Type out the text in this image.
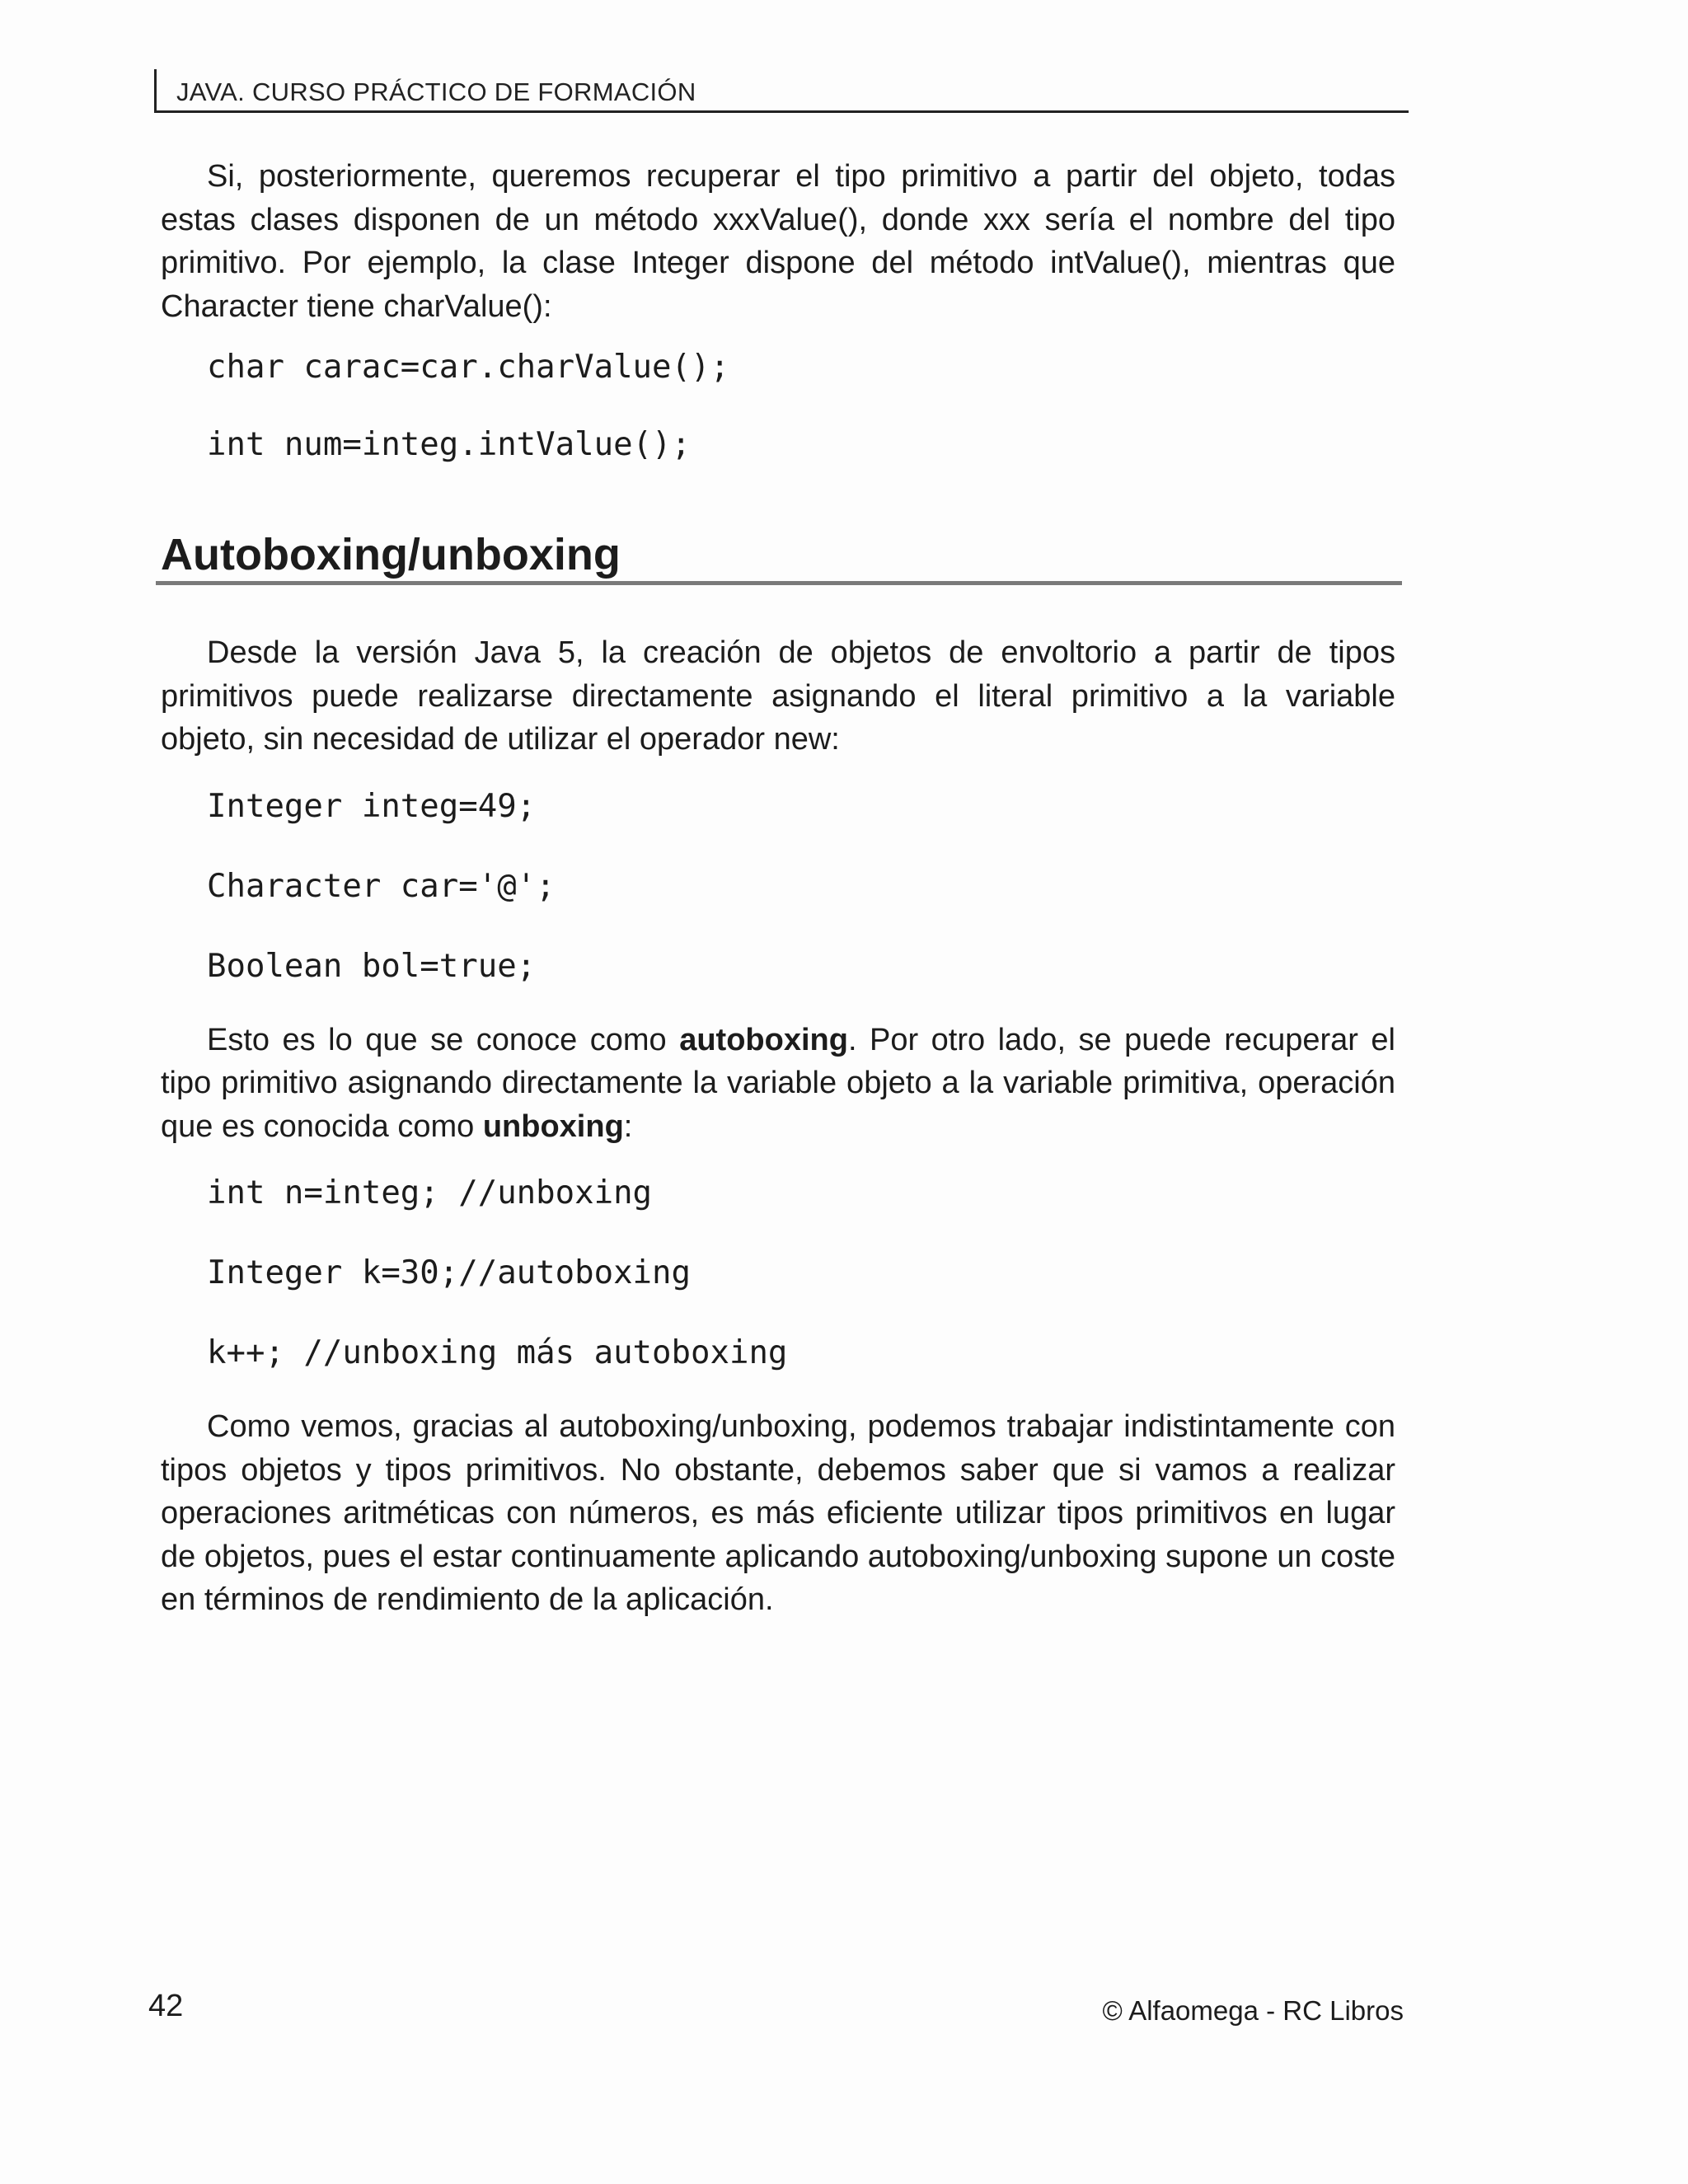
JAVA. CURSO PRÁCTICO DE FORMACIÓN

Si, posteriormente, queremos recuperar el tipo primitivo a partir del objeto, todas estas clases disponen de un método xxxValue(), donde xxx sería el nombre del tipo primitivo. Por ejemplo, la clase Integer dispone del método intValue(), mientras que Character tiene charValue():

char carac=car.charValue();

int num=integ.intValue();

Autoboxing/unboxing

Desde la versión Java 5, la creación de objetos de envoltorio a partir de tipos primitivos puede realizarse directamente asignando el literal primitivo a la variable objeto, sin necesidad de utilizar el operador new:

Integer integ=49;

Character car='@';

Boolean bol=true;

Esto es lo que se conoce como autoboxing. Por otro lado, se puede recuperar el tipo primitivo asignando directamente la variable objeto a la variable primitiva, operación que es conocida como unboxing:

int n=integ; //unboxing

Integer k=30;//autoboxing

k++; //unboxing más autoboxing

Como vemos, gracias al autoboxing/unboxing, podemos trabajar indistintamente con tipos objetos y tipos primitivos. No obstante, debemos saber que si vamos a realizar operaciones aritméticas con números, es más eficiente utilizar tipos primitivos en lugar de objetos, pues el estar continuamente aplicando autoboxing/unboxing supone un coste en términos de rendimiento de la aplicación.

42	© Alfaomega - RC Libros
